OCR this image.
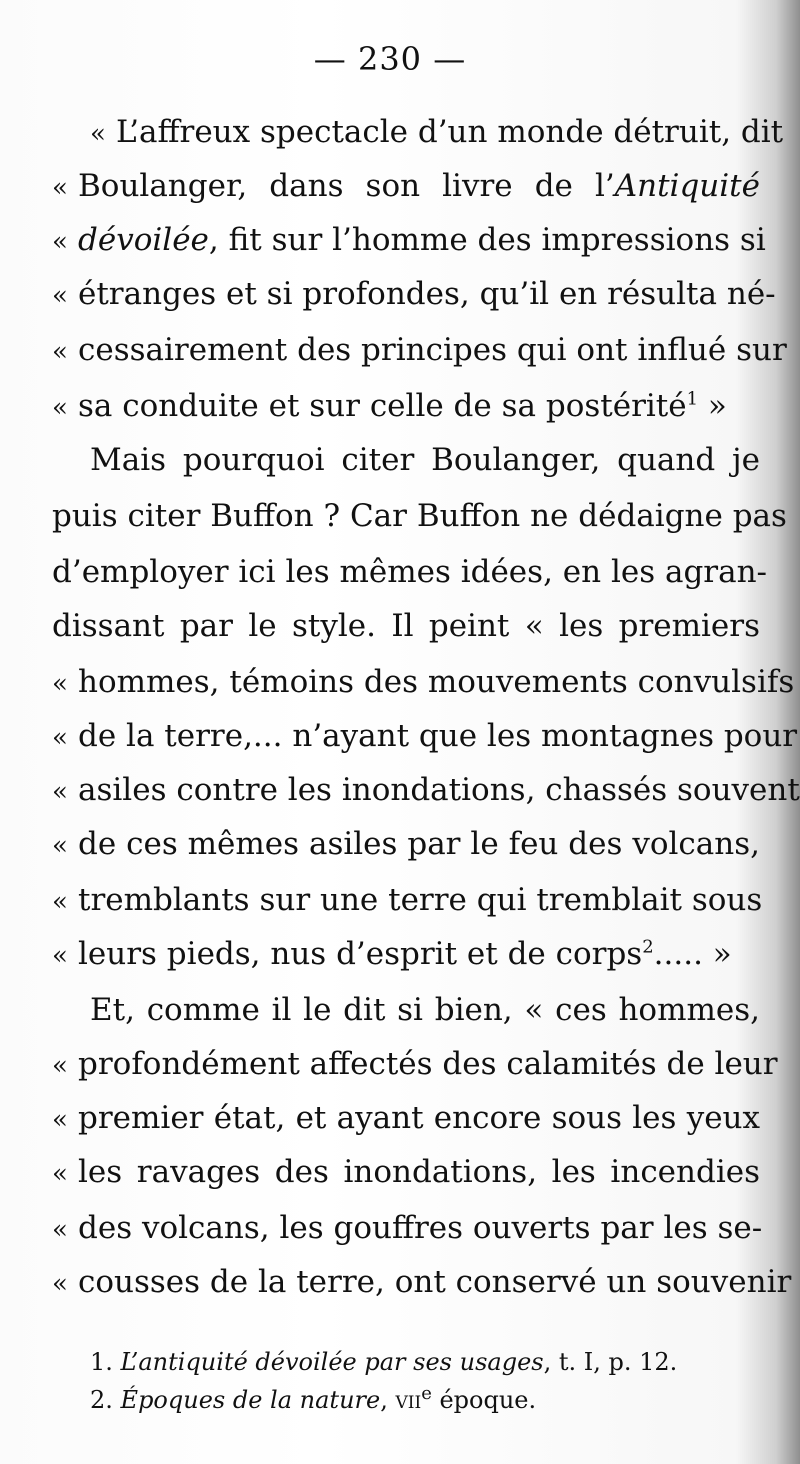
— 230 —
« L’affreux spectacle d’un monde détruit, dit
« Boulanger, dans son livre de l’Antiquité
« dévoilée, fit sur l’homme des impressions si
« étranges et si profondes, qu’il en résulta né-
« cessairement des principes qui ont influé sur
« sa conduite et sur celle de sa postérité$^1$ »
Mais pourquoi citer Boulanger, quand je
puis citer Buffon ? Car Buffon ne dédaigne pas
d’employer ici les mêmes idées, en les agran-
dissant par le style. Il peint « les premiers
« hommes, témoins des mouvements convulsifs
« de la terre,... n’ayant que les montagnes pour
« asiles contre les inondations, chassés souvent
« de ces mêmes asiles par le feu des volcans,
« tremblants sur une terre qui tremblait sous
« leurs pieds, nus d’esprit et de corps$^2$..... »
Et, comme il le dit si bien, « ces hommes,
« profondément affectés des calamités de leur
« premier état, et ayant encore sous les yeux
« les ravages des inondations, les incendies
« des volcans, les gouffres ouverts par les se-
« cousses de la terre, ont conservé un souvenir
1. L’antiquité dévoilée par ses usages, t. I, p. 12.
2. Époques de la nature, vii$^e$ époque.
